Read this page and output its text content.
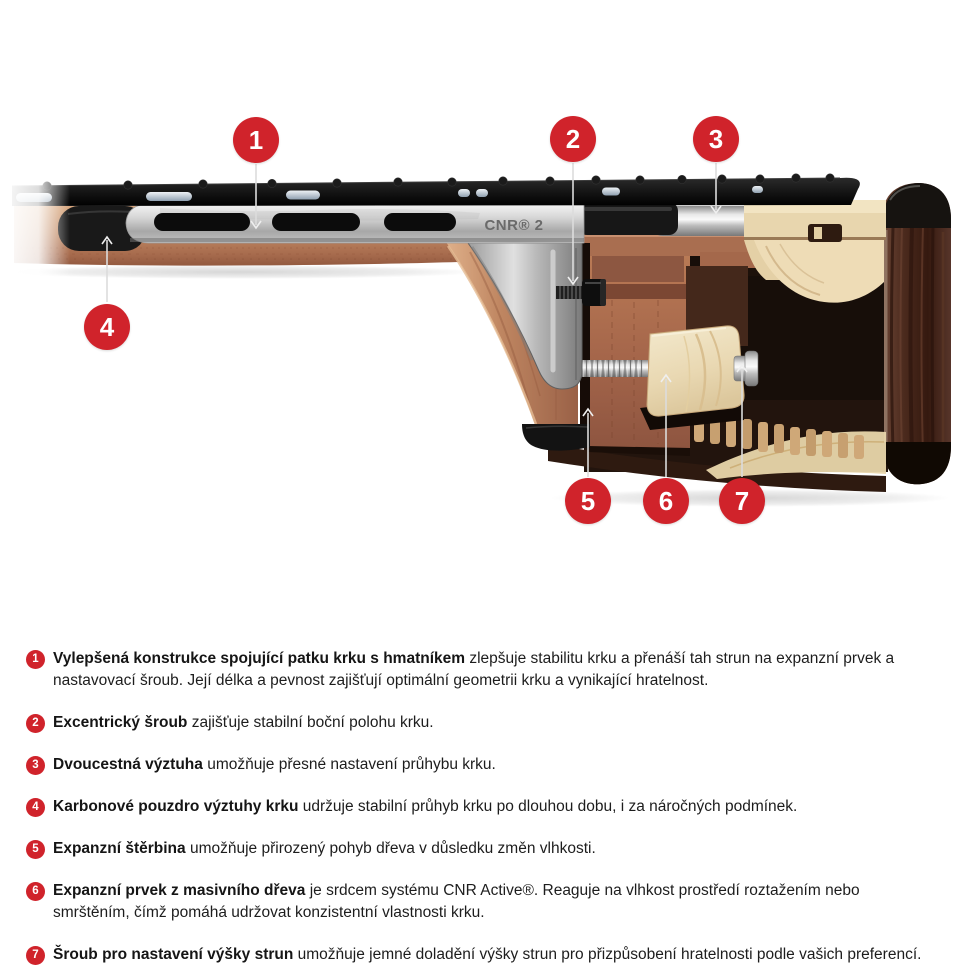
CNR® 2
1	2	3
4
5 6 7
1 Vylepšená konstrukce spojující patku krku s hmatníkem zlepšuje stabilitu krku a přenáší tah strun na expanzní prvek a nastavovací šroub. Její délka a pevnost zajišťují optimální geometrii krku a vynikající hratelnost.

2 Excentrický šroub zajišťuje stabilní boční polohu krku.

3 Dvoucestná výztuha umožňuje přesné nastavení průhybu krku.

4 Karbonové pouzdro výztuhy krku udržuje stabilní průhyb krku po dlouhou dobu, i za náročných podmínek.

5 Expanzní štěrbina umožňuje přirozený pohyb dřeva v důsledku změn vlhkosti.

6 Expanzní prvek z masivního dřeva je srdcem systému CNR Active®. Reaguje na vlhkost prostředí roztažením nebo smrštěním, čímž pomáhá udržovat konzistentní vlastnosti krku.

7 Šroub pro nastavení výšky strun umožňuje jemné doladění výšky strun pro přizpůsobení hratelnosti podle vašich preferencí.
